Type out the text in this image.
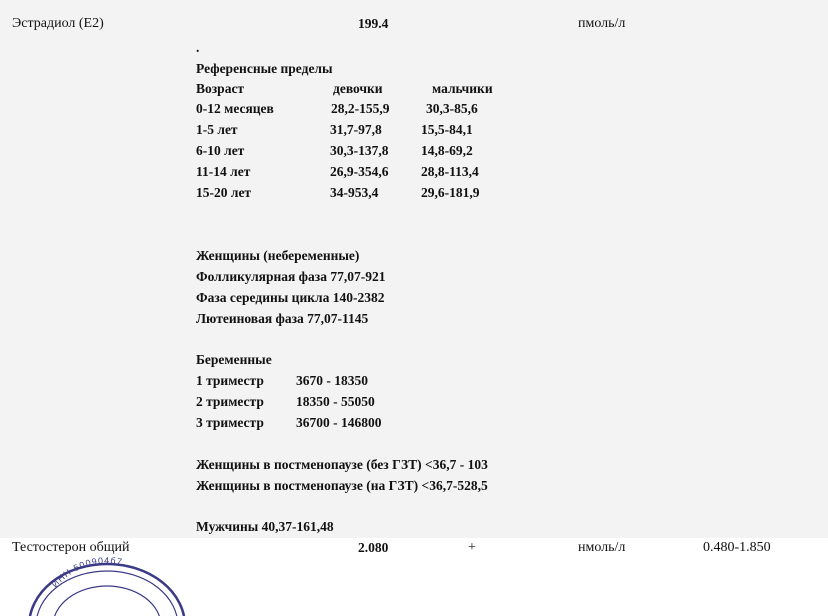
Эстрадиол (E2)	199.4	пмоль/л
.
Референсные пределы
Возраст	девочки	мальчики
0-12 месяцев	28,2-155,9	30,3-85,6
1-5 лет	31,7-97,8	15,5-84,1
6-10 лет	30,3-137,8 14,8-69,2
11-14 лет	26,9-354,6 28,8-113,4
15-20 лет	34-953,4	29,6-181,9
Женщины (небеременные)
Фолликулярная фаза 77,07-921
Фаза середины цикла 140-2382
Лютеиновая фаза 77,07-1145
Беременные
1 триместр 3670 - 18350
2 триместр 18350 - 55050
3 триместр 36700 - 146800
Женщины в постменопаузе (без ГЗТ) <36,7 - 103
Женщины в постменопаузе (на ГЗТ) <36,7-528,5
Мужчины 40,37-161,48
Тестостерон общий	2.080	+	нмоль/л	0.480-1.850
ИНН 500904б7
